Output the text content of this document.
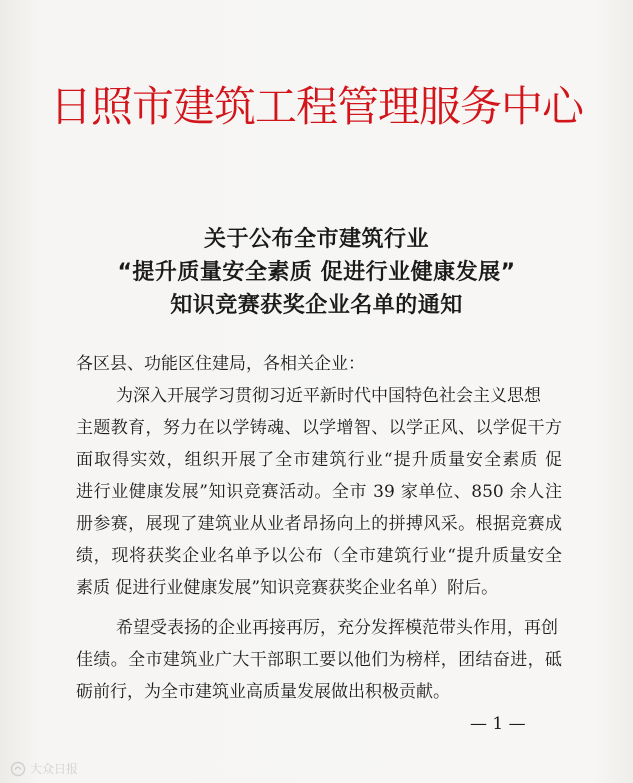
日照市建筑工程管理服务中心
关于公布全市建筑行业
“提升质量安全素质 促进行业健康发展”
知识竞赛获奖企业名单的通知
各区县、功能区住建局，各相关企业：
为深入开展学习贯彻习近平新时代中国特色社会主义思想
主题教育，努力在以学铸魂、以学增智、以学正风、以学促干方
面取得实效，组织开展了全市建筑行业“提升质量安全素质 促
进行业健康发展”知识竞赛活动。全市 39 家单位、850 余人注
册参赛，展现了建筑业从业者昂扬向上的拼搏风采。根据竞赛成
绩，现将获奖企业名单予以公布（全市建筑行业“提升质量安全
素质 促进行业健康发展”知识竞赛获奖企业名单）附后。
希望受表扬的企业再接再厉，充分发挥模范带头作用，再创
佳绩。全市建筑业广大干部职工要以他们为榜样，团结奋进，砥
砺前行，为全市建筑业高质量发展做出积极贡献。
— 1 —
大众日报
